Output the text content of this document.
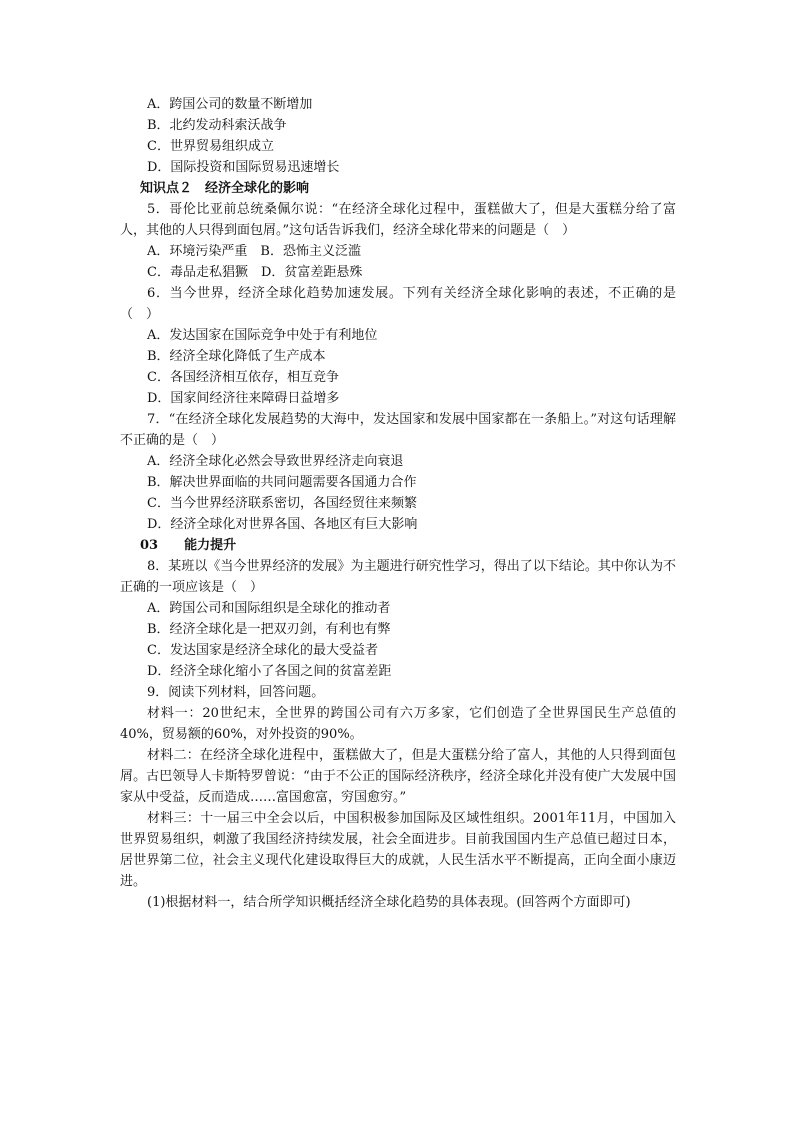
A．跨国公司的数量不断增加
B．北约发动科索沃战争
C．世界贸易组织成立
D．国际投资和国际贸易迅速增长
知识点２　经济全球化的影响
5．哥伦比亚前总统桑佩尔说：“在经济全球化过程中，蛋糕做大了，但是大蛋糕分给了富人，其他的人只得到面包屑。”这句话告诉我们，经济全球化带来的问题是（　）
A．环境污染严重　B．恐怖主义泛滥
C．毒品走私猖獗　D．贫富差距悬殊
6．当今世界，经济全球化趋势加速发展。下列有关经济全球化影响的表述，不正确的是（　）
A．发达国家在国际竞争中处于有利地位
B．经济全球化降低了生产成本
C．各国经济相互依存，相互竞争
D．国家间经济往来障碍日益增多
7．“在经济全球化发展趋势的大海中，发达国家和发展中国家都在一条船上。”对这句话理解不正确的是（　）
A．经济全球化必然会导致世界经济走向衰退
B．解决世界面临的共同问题需要各国通力合作
C．当今世界经济联系密切，各国经贸往来频繁
D．经济全球化对世界各国、各地区有巨大影响
03　　能力提升
8．某班以《当今世界经济的发展》为主题进行研究性学习，得出了以下结论。其中你认为不正确的一项应该是（　）
A．跨国公司和国际组织是全球化的推动者
B．经济全球化是一把双刃剑，有利也有弊
C．发达国家是经济全球化的最大受益者
D．经济全球化缩小了各国之间的贫富差距
9．阅读下列材料，回答问题。
材料一：20世纪末，全世界的跨国公司有六万多家，它们创造了全世界国民生产总值的40%，贸易额的60%，对外投资的90%。
材料二：在经济全球化进程中，蛋糕做大了，但是大蛋糕分给了富人，其他的人只得到面包屑。古巴领导人卡斯特罗曾说：“由于不公正的国际经济秩序，经济全球化并没有使广大发展中国家从中受益，反而造成……富国愈富，穷国愈穷。”
材料三：十一届三中全会以后，中国积极参加国际及区域性组织。2001年11月，中国加入世界贸易组织，刺激了我国经济持续发展，社会全面进步。目前我国国内生产总值已超过日本，居世界第二位，社会主义现代化建设取得巨大的成就，人民生活水平不断提高，正向全面小康迈进。
(1)根据材料一，结合所学知识概括经济全球化趋势的具体表现。(回答两个方面即可)
